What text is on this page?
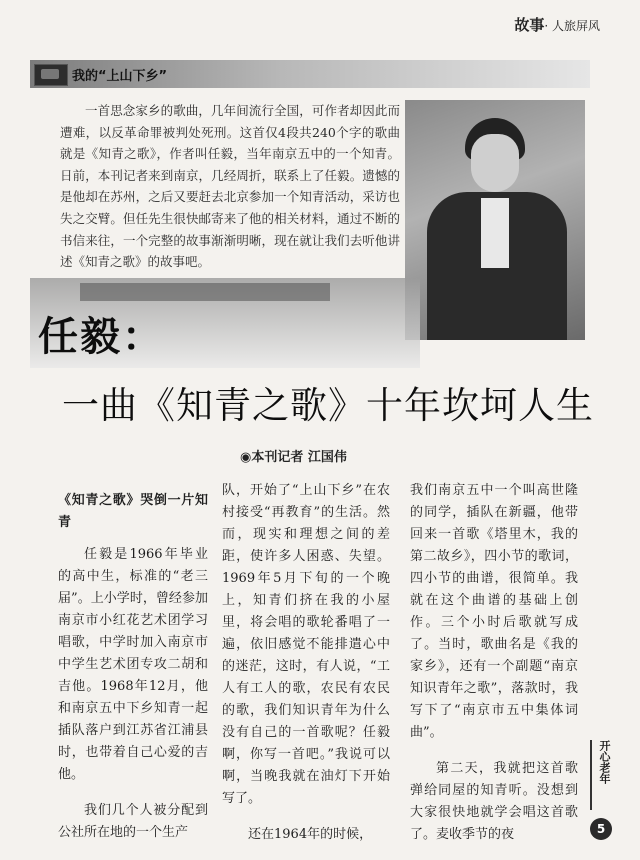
故事· 人旅屏风
我的“上山下乡”
一首思念家乡的歌曲，几年间流行全国，可作者却因此而遭难，以反革命罪被判处死刑。这首仅4段共240个字的歌曲就是《知青之歌》，作者叫任毅，当年南京五中的一个知青。日前，本刊记者来到南京，几经周折，联系上了任毅。遗憾的是他却在苏州，之后又要赶去北京参加一个知青活动，采访也失之交臂。但任先生很快邮寄来了他的相关材料，通过不断的书信来往，一个完整的故事渐渐明晰，现在就让我们去听他讲述《知青之歌》的故事吧。
任毅：
一曲《知青之歌》十年坎坷人生
◉本刊记者 江国伟
《知青之歌》哭倒一片知青
任毅是1966年毕业的高中生，标准的“老三届”。上小学时，曾经参加南京市小红花艺术团学习唱歌，中学时加入南京市中学生艺术团专攻二胡和吉他。1968年12月，他和南京五中下乡知青一起插队落户到江苏省江浦县时，也带着自己心爱的吉他。
我们几个人被分配到公社所在地的一个生产
队，开始了“上山下乡”在农村接受“再教育”的生活。然而，现实和理想之间的差距，使许多人困惑、失望。1969年5月下旬的一个晚上，知青们挤在我的小屋里，将会唱的歌轮番唱了一遍，依旧感觉不能排遣心中的迷茫，这时，有人说，“工人有工人的歌，农民有农民的歌，我们知识青年为什么没有自己的一首歌呢？任毅啊，你写一首吧。”我说可以啊，当晚我就在油灯下开始写了。
还在1964年的时候，
我们南京五中一个叫高世隆的同学，插队在新疆，他带回来一首歌《塔里木，我的第二故乡》，四小节的歌词，四小节的曲谱，很简单。我就在这个曲谱的基础上创作。三个小时后歌就写成了。当时，歌曲名是《我的家乡》，还有一个副题“南京知识青年之歌”，落款时，我写下了“南京市五中集体词曲”。
第二天，我就把这首歌弹给同屋的知青听。没想到大家很快地就学会唱这首歌了。麦收季节的夜
开心老年
5
